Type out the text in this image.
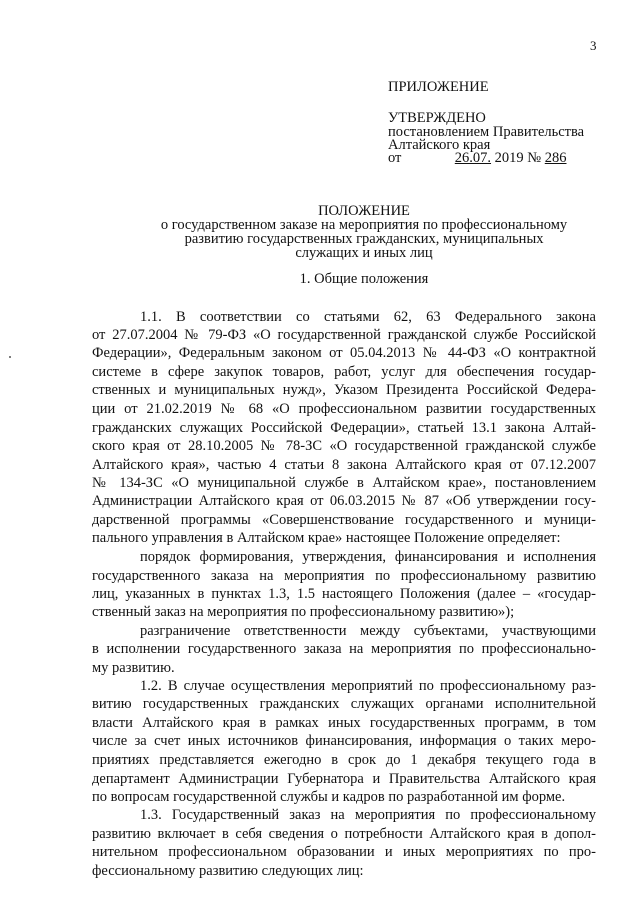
3
ПРИЛОЖЕНИЕ
УТВЕРЖДЕНО
постановлением Правительства
Алтайского края
от	26.07. 2019 № 286
ПОЛОЖЕНИЕ
о государственном заказе на мероприятия по профессиональному
развитию государственных гражданских, муниципальных
служащих и иных лиц
1. Общие положения
1.1. В соответствии со статьями 62, 63 Федерального закона
от 27.07.2004 № 79-ФЗ «О государственной гражданской службе Российской
Федерации», Федеральным законом от 05.04.2013 № 44-ФЗ «О контрактной
системе в сфере закупок товаров, работ, услуг для обеспечения государ-
ственных и муниципальных нужд», Указом Президента Российской Федера-
ции от 21.02.2019 № 68 «О профессиональном развитии государственных
гражданских служащих Российской Федерации», статьей 13.1 закона Алтай-
ского края от 28.10.2005 № 78-ЗС «О государственной гражданской службе
Алтайского края», частью 4 статьи 8 закона Алтайского края от 07.12.2007
№ 134-ЗС «О муниципальной службе в Алтайском крае», постановлением
Администрации Алтайского края от 06.03.2015 № 87 «Об утверждении госу-
дарственной программы «Совершенствование государственного и муници-
пального управления в Алтайском крае» настоящее Положение определяет:
порядок формирования, утверждения, финансирования и исполнения
государственного заказа на мероприятия по профессиональному развитию
лиц, указанных в пунктах 1.3, 1.5 настоящего Положения (далее – «государ-
ственный заказ на мероприятия по профессиональному развитию»);
разграничение ответственности между субъектами, участвующими
в исполнении государственного заказа на мероприятия по профессионально-
му развитию.
1.2. В случае осуществления мероприятий по профессиональному раз-
витию государственных гражданских служащих органами исполнительной
власти Алтайского края в рамках иных государственных программ, в том
числе за счет иных источников финансирования, информация о таких меро-
приятиях представляется ежегодно в срок до 1 декабря текущего года в
департамент Администрации Губернатора и Правительства Алтайского края
по вопросам государственной службы и кадров по разработанной им форме.
1.3. Государственный заказ на мероприятия по профессиональному
развитию включает в себя сведения о потребности Алтайского края в допол-
нительном профессиональном образовании и иных мероприятиях по про-
фессиональному развитию следующих лиц:
